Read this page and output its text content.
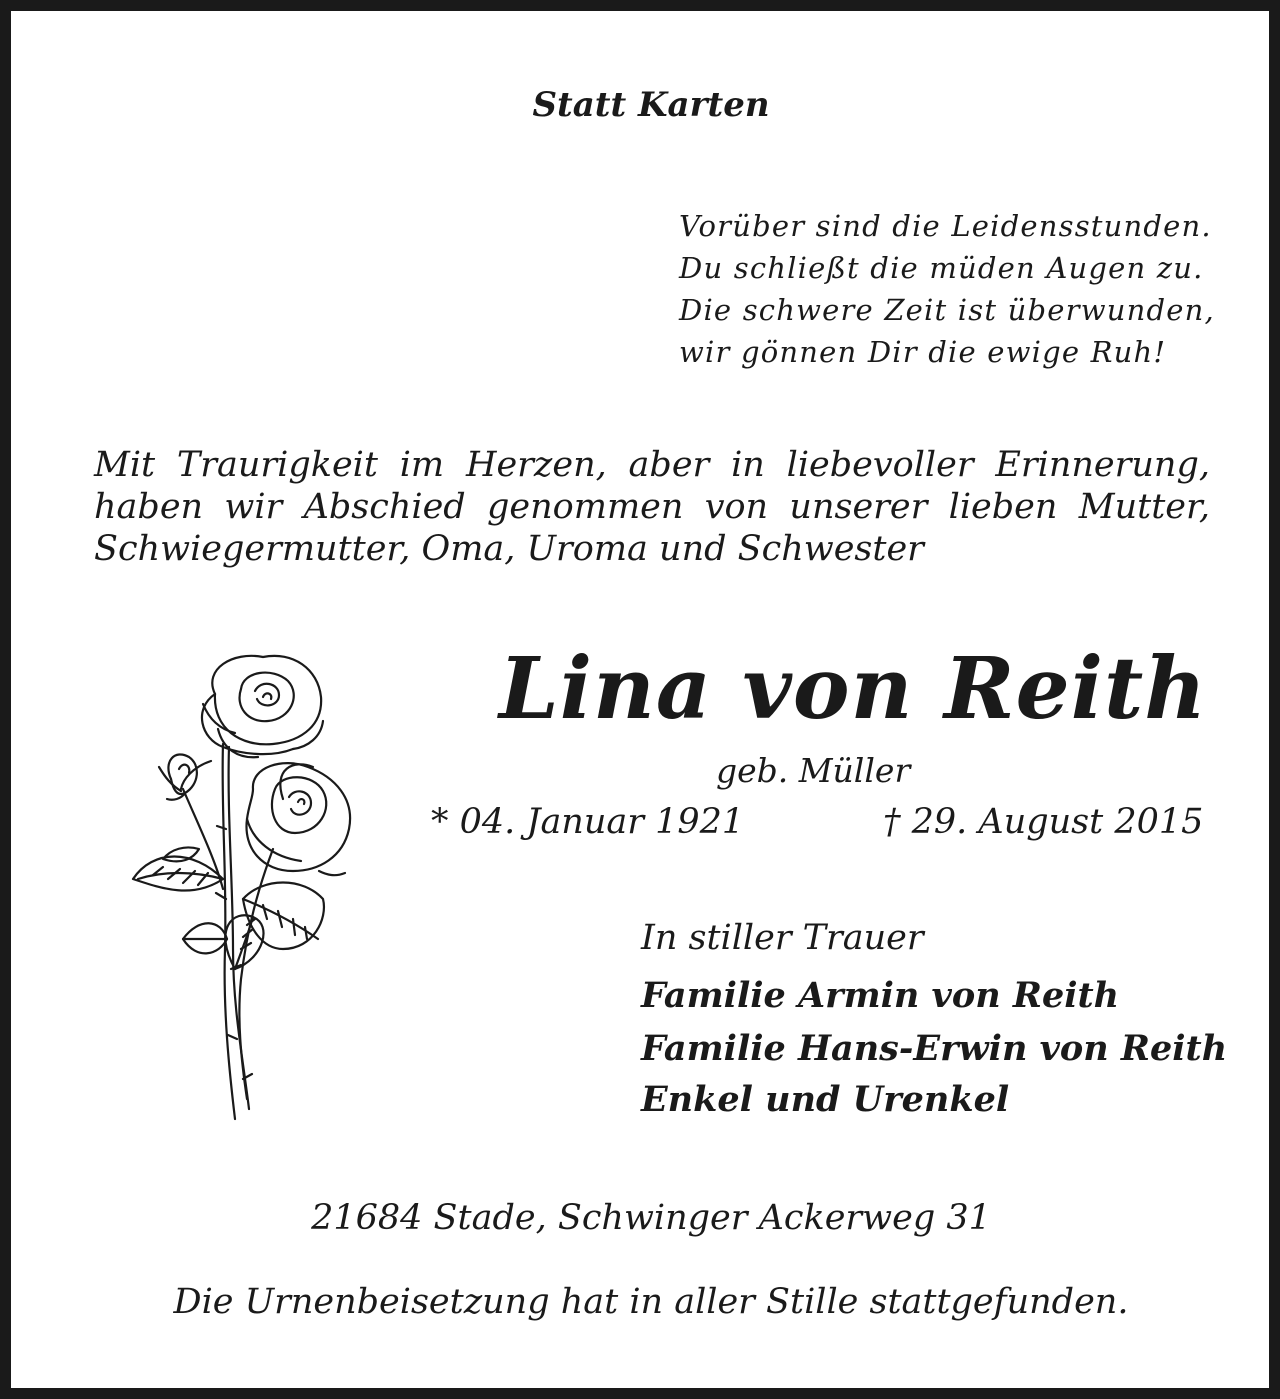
Statt Karten
Vorüber sind die Leidensstunden.
Du schließt die müden Augen zu.
Die schwere Zeit ist überwunden,
wir gönnen Dir die ewige Ruh!
Mit Traurigkeit im Herzen, aber in liebevoller Erinnerung,
haben wir Abschied genommen von unserer lieben Mutter,
Schwiegermutter, Oma, Uroma und Schwester
Lina von Reith
geb. Müller
* 04. Januar 1921	† 29. August 2015
In stiller Trauer
Familie Armin von Reith
Familie Hans-Erwin von Reith
Enkel und Urenkel
21684 Stade, Schwinger Ackerweg 31
Die Urnenbeisetzung hat in aller Stille stattgefunden.
